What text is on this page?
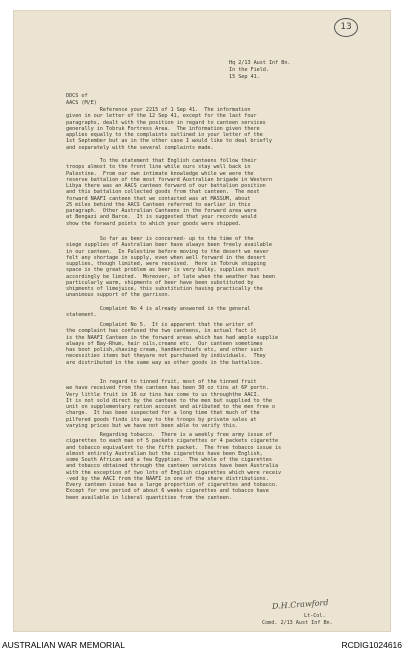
13
Hq 2/13 Aust Inf Bn.
In the Field.
15 Sep 41.
DDCS of
AACS (M/E)
Reference your 2215 of 1 Sep 41.  The information
given in our letter of the 12 Sep 41, except for the last four
paragraphs, dealt with the position in regard to canteen services
generally in Tobruk Fortress Area.  The information given there
applies equally to the complaints outlined in your letter of the
1st September but as in the other case I would like to deal briefly
and separately with the several complaints made.
To the statement that English canteens follow their
troops almost to the front line while ours stay well back in
Palestine.  From our own intimate knowledge while we were the
reserve battalion of the most forward Australian brigade in Western
Libya there was an AACS canteen forward of our battalion position
and this battalion collected goods from that canteen.  The most
forward NAAFI canteen that we contacted was at MASSUM, about
25 miles behind the AACS Canteen referred to earlier in this
paragraph.  Other Australian Canteens in the forward area were
at Bengazi and Barce.  It is suggested that your records would
show the forward points to which your goods were shipped.
So far as beer is concerned- up to the time of the
siege supplies of Australian beer have always been freely available
in our canteen.  In Palestine before moving to the desert we never
felt any shortage in supply, even when well forward in the desert
supplies, though limited, were received.  Here in Tobruk shipping
space is the great problem as beer is very bulky, supplies must
accordingly be limited.  Moreover, of late when the weather has been
particularly warm, shipments of beer have been substituted by
shipments of limejuice, this substitution having practically the
unanimous support of the garrison.
Complaint No 4 is already answered in the general
statement.
Complaint No 5.  It is apparent that the writer of
the complaint has confused the two canteens, in actual fact it
is the NAAFI Canteen in the forward areas which has had ample supplie
always of Bay-Rhum, hair oils,creams etc.  Our canteen sometimes
has boot polish,shaving cream, handkerchiefs etc, and other such
necessities items but theyare not purchased by individuals.  They
are distributed in the same way as other goods in the battalion.
In regard to tinned fruit, most of the tinned fruit
we have received from the canteen has been 30 oz tins at 6P portn.
Very little fruit in 16 oz tins has come to us throughthe AACI.
It is not sold direct by the canteen to the men but supplied to the
unit on supplementary ration account and aiributed to the men free o
charge.  It has been suspected for a long time that much of the
pilfered goods finds its way to the troops by private sales at
varying prices but we have not been able to verify this.
Regarding tobacco.  There is a weekly free army issue of
cigarettes to each man of 5 packets cigarettes or 4 packets cigarette
and tobacco equivalent to the fifth packet.  The free tobacco issue is
almost entirely Australian but the cigarettes have been English,
some South African and a few Egyptian.  The whole of the cigarettes
and tobacco obtained through the canteen services have been Australia
with the exception of two lots of English cigarettes which were receiv
-ved by the AACI from the NAAFI in one of the share distributions.
Every canteen issue has a large proportion of cigarettes and tobacco.
Except for one period of about 6 weeks cigarettes and tobacco have
been available in liberal quantities from the canteen.
Lt-Col.
Comd. 2/13 Aust Inf Bn.
D.H.Crawford
AUSTRALIAN WAR MEMORIAL	RCDIG1024616
